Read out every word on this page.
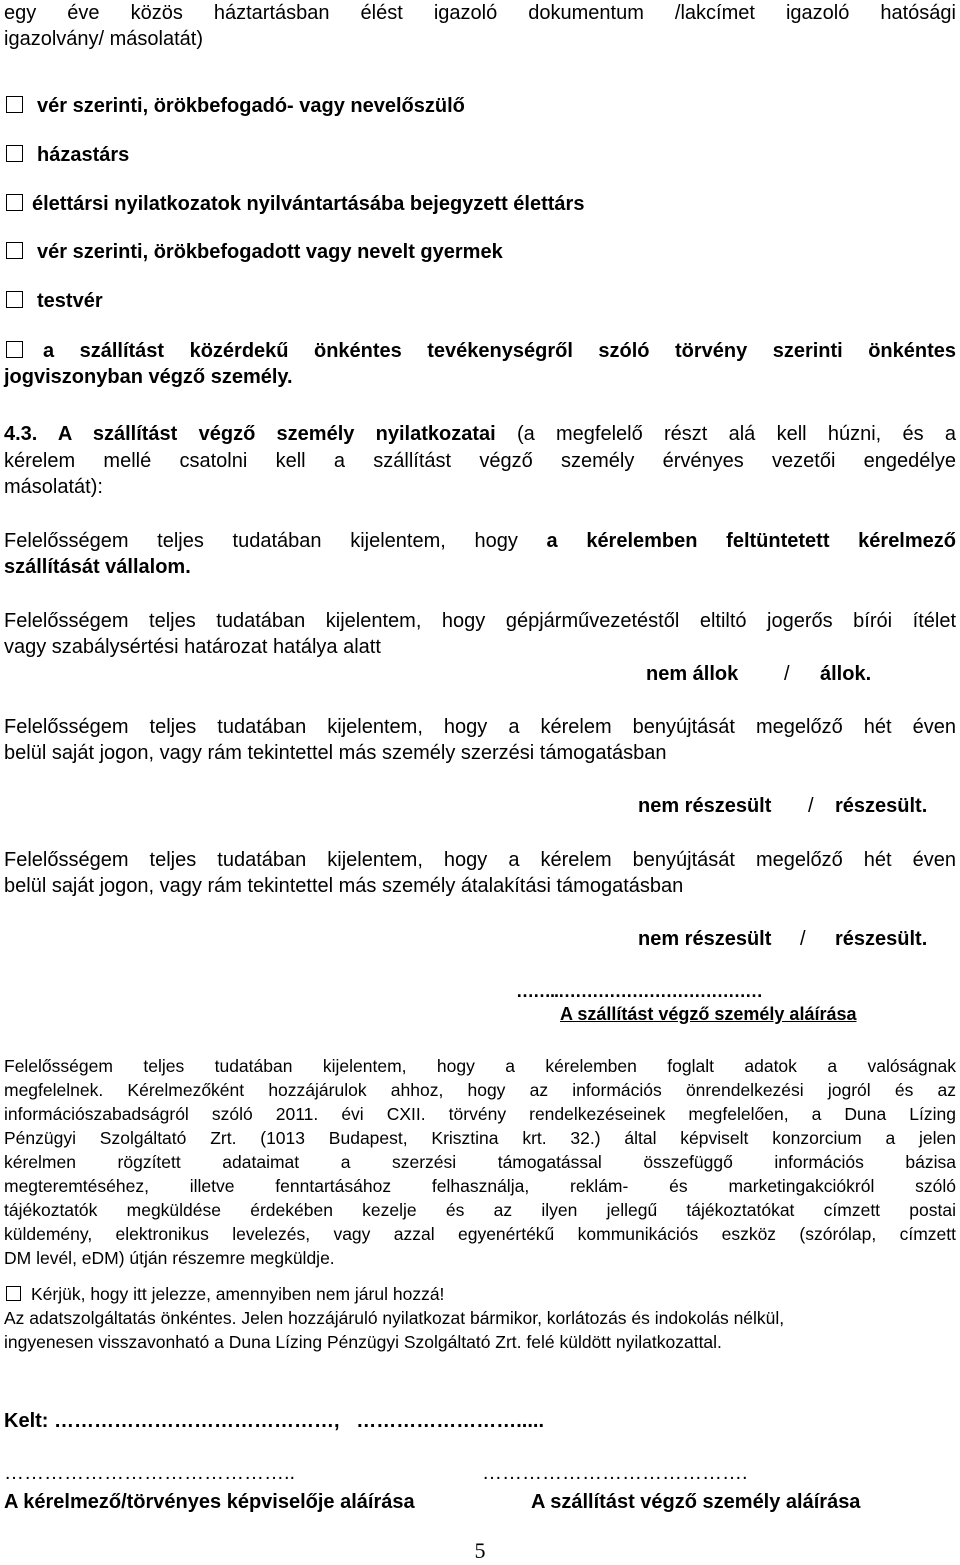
egy éve közös háztartásban élést igazoló dokumentum /lakcímet igazoló hatósági

igazolvány/ másolatát)

vér szerinti, örökbefogadó- vagy nevelőszülő
házastárs
élettársi nyilatkozatok nyilvántartásába bejegyzett élettárs
vér szerinti, örökbefogadott vagy nevelt gyermek
testvér
a szállítást közérdekű önkéntes tevékenységről szóló törvény szerinti önkéntes

jogviszonyban végző személy.

4.3. A szállítást végző személy nyilatkozatai (a megfelelő részt alá kell húzni, és a

kérelem mellé csatolni kell a szállítást végző személy érvényes vezetői engedélye

másolatát):

Felelősségem teljes tudatában kijelentem, hogy a kérelemben feltüntetett kérelmező

szállítását vállalom.

Felelősségem teljes tudatában kijelentem, hogy gépjárművezetéstől eltiltó jogerős bírói ítélet

vagy szabálysértési határozat hatálya alatt

nem állok / állok.

Felelősségem teljes tudatában kijelentem, hogy a kérelem benyújtását megelőző hét éven

belül saját jogon, vagy rám tekintettel más személy szerzési támogatásban

nem részesült / részesült.

Felelősségem teljes tudatában kijelentem, hogy a kérelem benyújtását megelőző hét éven

belül saját jogon, vagy rám tekintettel más személy átalakítási támogatásban

nem részesült / részesült.
……..………………………………
A szállítást végző személy aláírása
Felelősségem teljes tudatában kijelentem, hogy a kérelemben foglalt adatok a valóságnak
megfelelnek. Kérelmezőként hozzájárulok ahhoz, hogy az információs önrendelkezési jogról és az
információszabadságról szóló 2011. évi CXII. törvény rendelkezéseinek megfelelően, a Duna Lízing
Pénzügyi Szolgáltató Zrt. (1013 Budapest, Krisztina krt. 32.) által képviselt konzorcium a jelen
kérelmen rögzített adataimat a szerzési támogatással összefüggő információs bázisa
megteremtéséhez, illetve fenntartásához felhasználja, reklám- és marketingakciókról szóló
tájékoztatók megküldése érdekében kezelje és az ilyen jellegű tájékoztatókat címzett postai
küldemény, elektronikus levelezés, vagy azzal egyenértékű kommunikációs eszköz (szórólap, címzett
DM levél, eDM) útján részemre megküldje.
Kérjük, hogy itt jelezze, amennyiben nem járul hozzá!
Az adatszolgáltatás önkéntes. Jelen hozzájáruló nyilatkozat bármikor, korlátozás és indokolás nélkül,
ingyenesen visszavonható a Duna Lízing Pénzügyi Szolgáltató Zrt. felé küldött nyilatkozattal.
Kelt: ……………………………………,   …………………….....
……………………………………..	………………………………….
A kérelmező/törvényes képviselője aláírása	A szállítást végző személy aláírása
5
